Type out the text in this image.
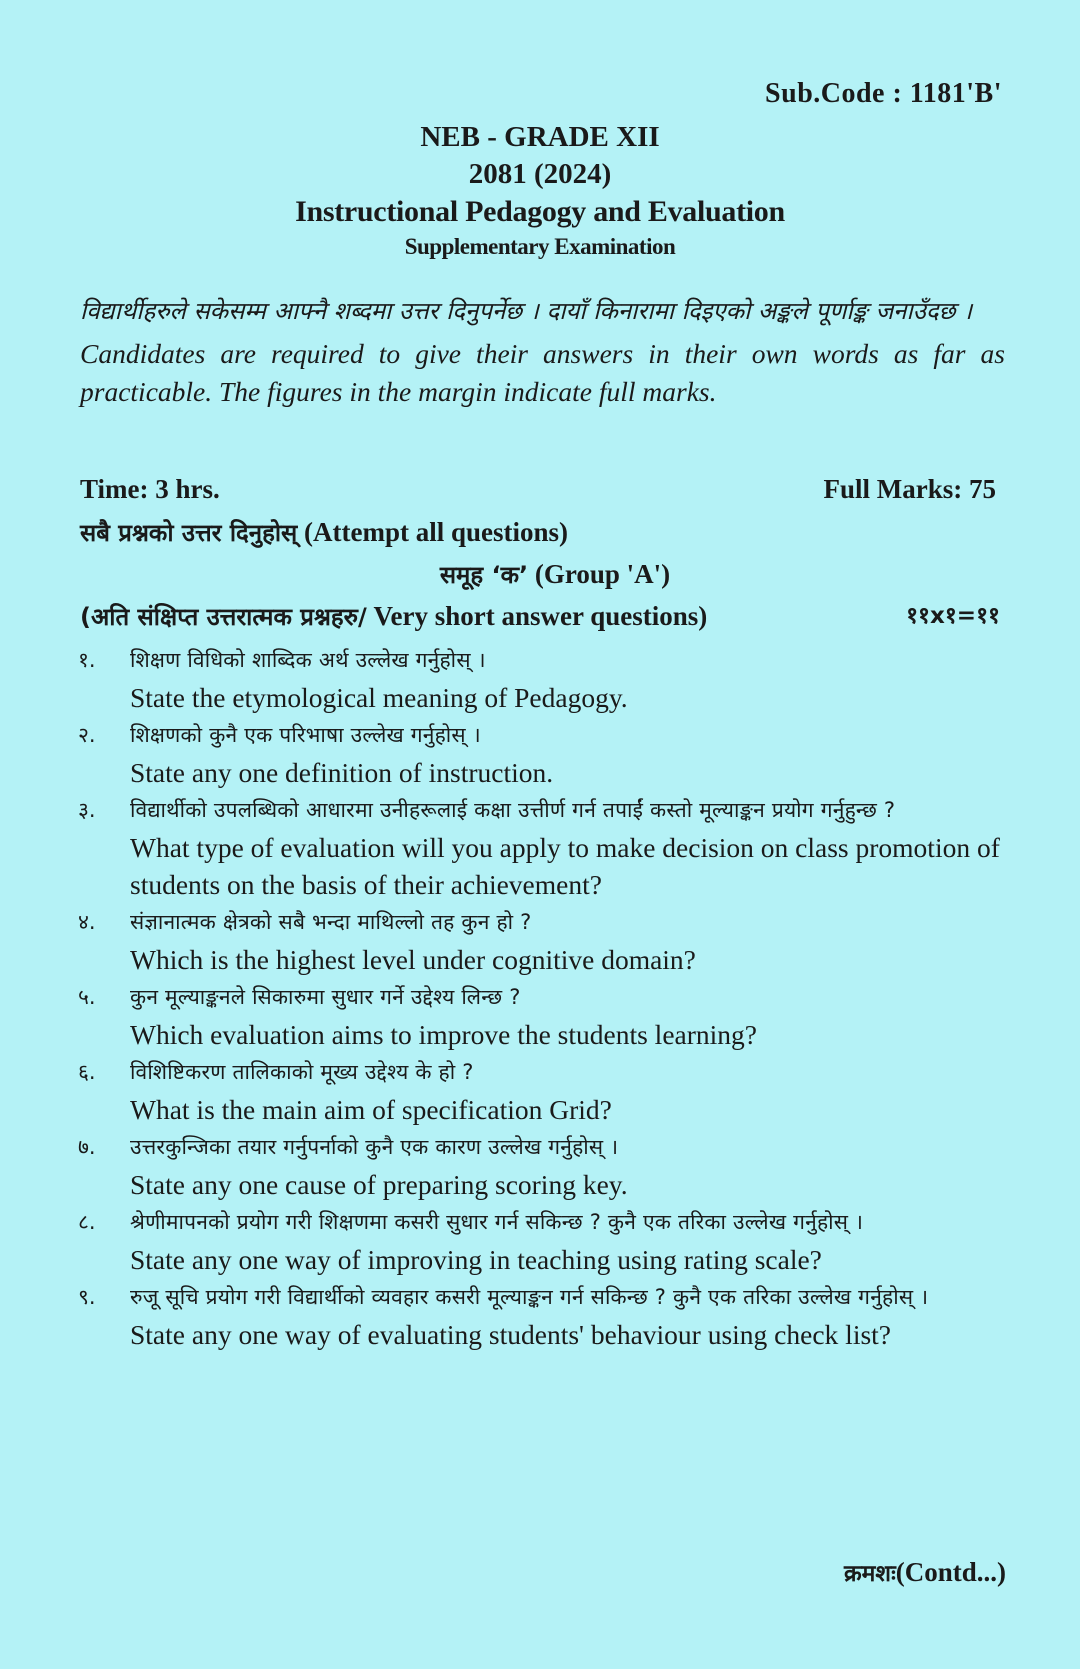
Sub.Code : 1181'B'
NEB - GRADE XII
2081 (2024)
Instructional Pedagogy and Evaluation
Supplementary Examination
विद्यार्थीहरुले सकेसम्म आफ्नै शब्दमा उत्तर दिनुपर्नेछ । दायाँ किनारामा दिइएको अङ्कले पूर्णाङ्क जनाउँदछ ।
Candidates are required to give their answers in their own words as far as practicable. The figures in the margin indicate full marks.
Time: 3 hrs.	Full Marks: 75
सबै प्रश्नको उत्तर दिनुहोस् (Attempt all questions)
समूह ‘क’ (Group 'A')
(अति संक्षिप्त उत्तरात्मक प्रश्नहरु/ Very short answer questions)	११x१=११
१. शिक्षण विधिको शाब्दिक अर्थ उल्लेख गर्नुहोस् ।
State the etymological meaning of Pedagogy.
२. शिक्षणको कुनै एक परिभाषा उल्लेख गर्नुहोस् ।
State any one definition of instruction.
३. विद्यार्थीको उपलब्धिको आधारमा उनीहरूलाई कक्षा उत्तीर्ण गर्न तपाईं कस्तो मूल्याङ्कन प्रयोग गर्नुहुन्छ ?
What type of evaluation will you apply to make decision on class promotion of students on the basis of their achievement?
४. संज्ञानात्मक क्षेत्रको सबै भन्दा माथिल्लो तह कुन हो ?
Which is the highest level under cognitive domain?
५. कुन मूल्याङ्कनले सिकारुमा सुधार गर्ने उद्देश्य लिन्छ ?
Which evaluation aims to improve the students learning?
६. विशिष्टिकरण तालिकाको मूख्य उद्देश्य के हो ?
What is the main aim of specification Grid?
७. उत्तरकुन्जिका तयार गर्नुपर्नाको कुनै एक कारण उल्लेख गर्नुहोस् ।
State any one cause of preparing scoring key.
८. श्रेणीमापनको प्रयोग गरी शिक्षणमा कसरी सुधार गर्न सकिन्छ ? कुनै एक तरिका उल्लेख गर्नुहोस् ।
State any one way of improving in teaching using rating scale?
९. रुजू सूचि प्रयोग गरी विद्यार्थीको व्यवहार कसरी मूल्याङ्कन गर्न सकिन्छ ? कुनै एक तरिका उल्लेख गर्नुहोस् ।
State any one way of evaluating students' behaviour using check list?
क्रमशः(Contd...)
